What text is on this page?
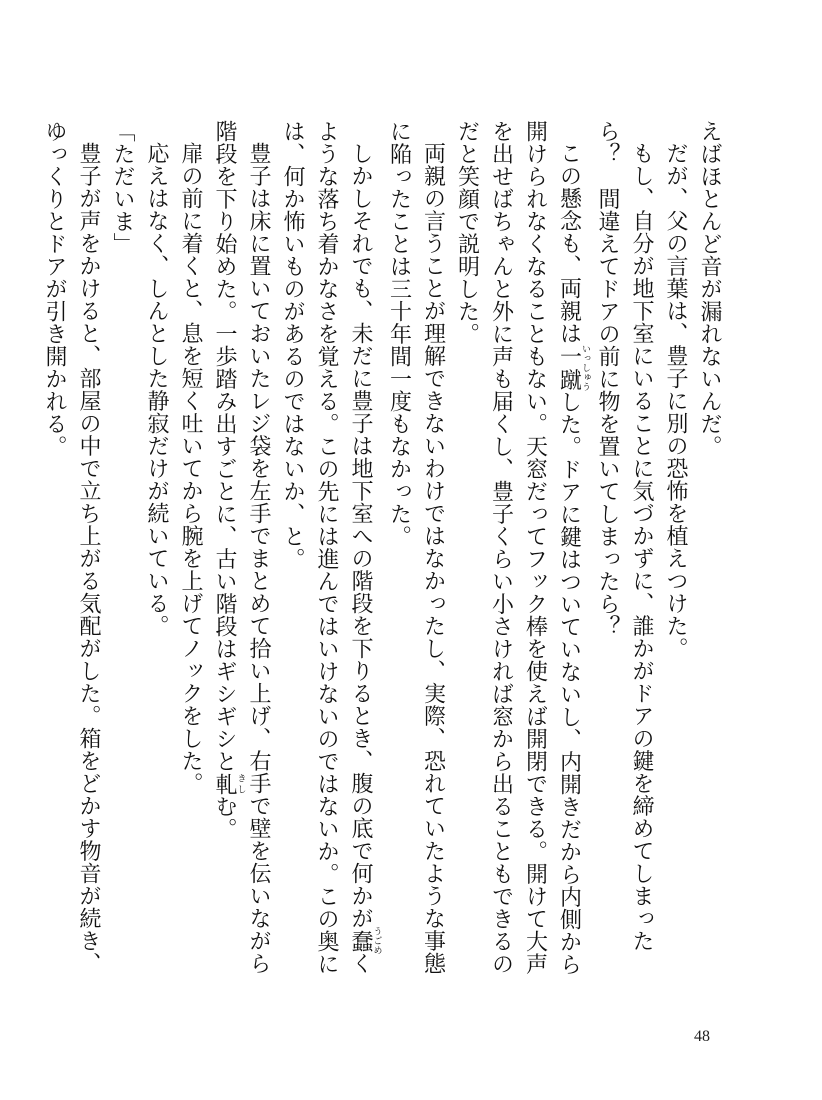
えばほとんど音が漏れないんだ。

だが、父の言葉は、豊子に別の恐怖を植えつけた。

もし、自分が地下室にいることに気づかずに、誰かがドアの鍵を締めてしまったら？　間違えてドアの前に物を置いてしまったら？

この懸念も、両親は一蹴いっしゅうした。ドアに鍵はついていないし、内開きだから内側から開けられなくなることもない。天窓だってフック棒を使えば開閉できる。開けて大声を出せばちゃんと外に声も届くし、豊子くらい小さければ窓から出ることもできるのだと笑顔で説明した。

両親の言うことが理解できないわけではなかったし、実際、恐れていたような事態に陥ったことは三十年間一度もなかった。

しかしそれでも、未だに豊子は地下室への階段を下りるとき、腹の底で何かが蠢うごめくような落ち着かなさを覚える。この先には進んではいけないのではないか。この奥には、何か怖いものがあるのではないか、と。

豊子は床に置いておいたレジ袋を左手でまとめて拾い上げ、右手で壁を伝いながら階段を下り始めた。一歩踏み出すごとに、古い階段はギシギシと軋きしむ。

扉の前に着くと、息を短く吐いてから腕を上げてノックをした。

応えはなく、しんとした静寂だけが続いている。

「ただいま」

豊子が声をかけると、部屋の中で立ち上がる気配がした。箱をどかす物音が続き、ゆっくりとドアが引き開かれる。

48
